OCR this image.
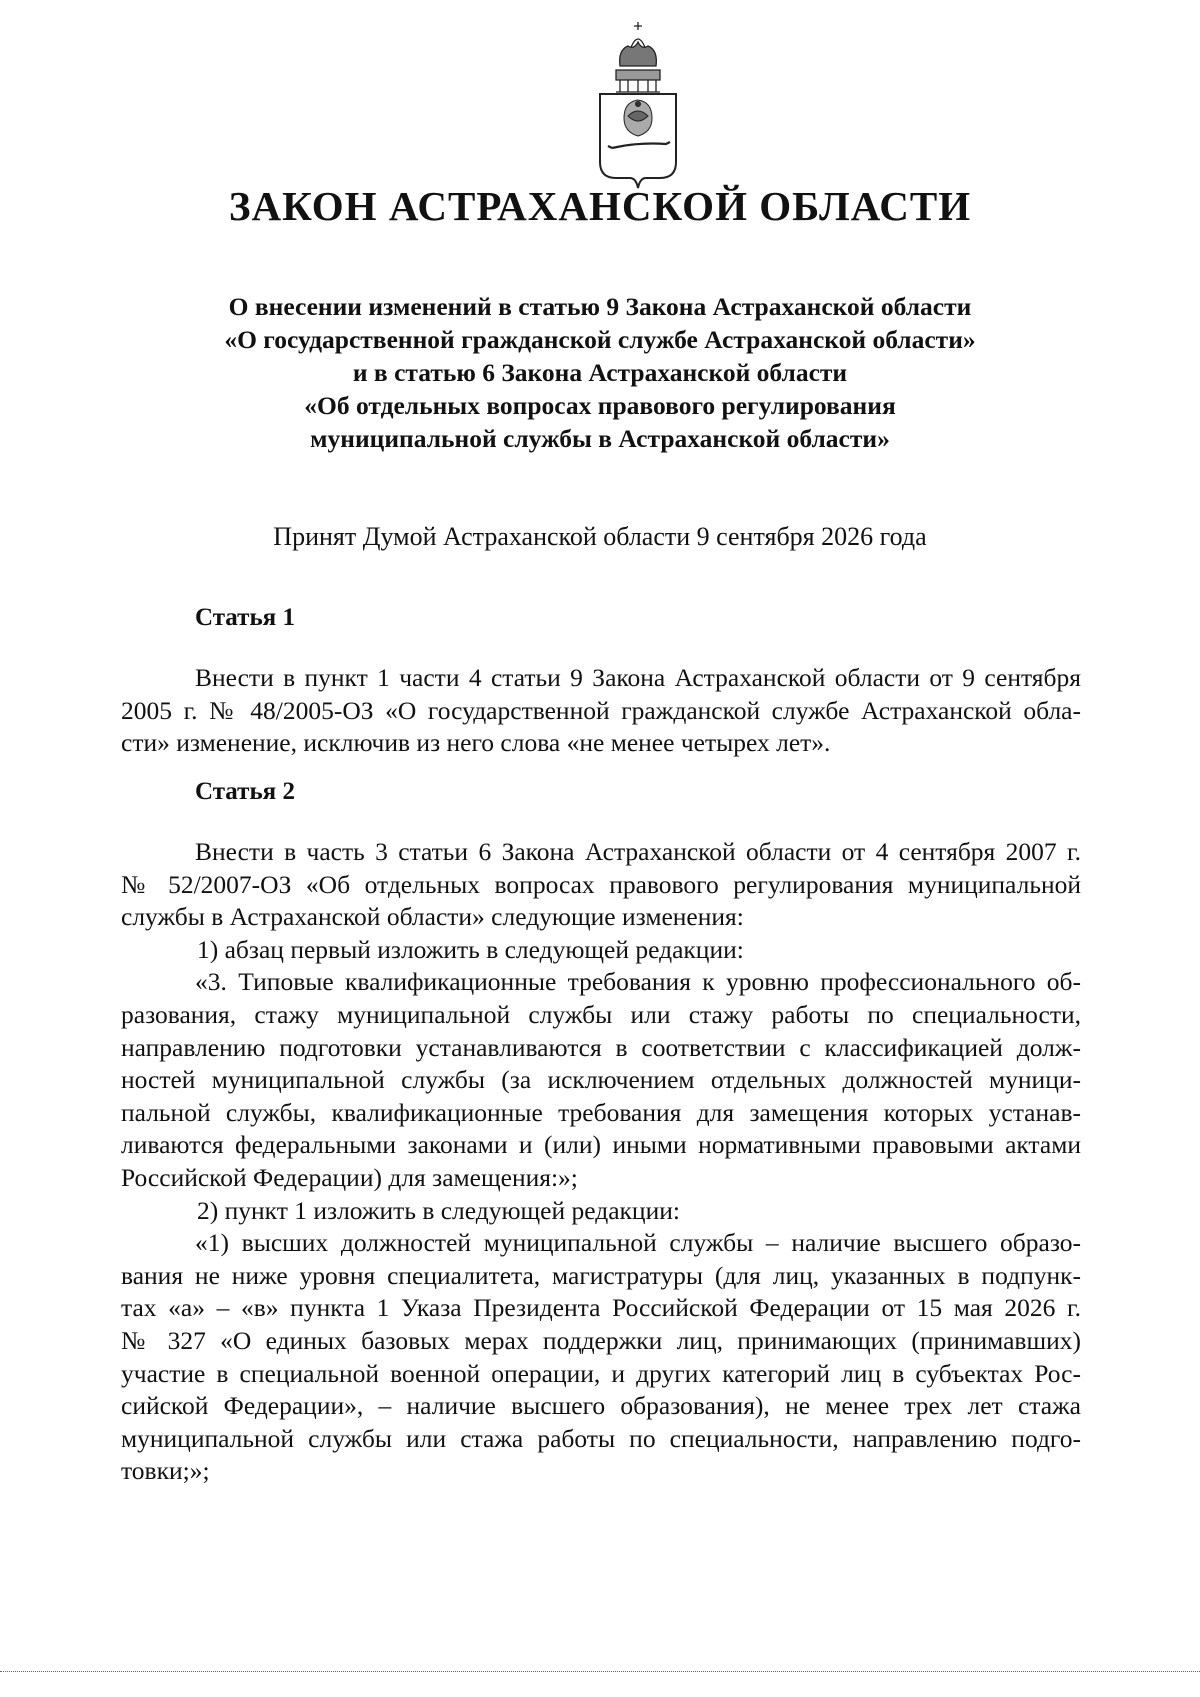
ЗАКОН АСТРАХАНСКОЙ ОБЛАСТИ
О внесении изменений в статью 9 Закона Астраханской области
«О государственной гражданской службе Астраханской области»
и в статью 6 Закона Астраханской области
«Об отдельных вопросах правового регулирования
муниципальной службы в Астраханской области»

Принят Думой Астраханской области 9 сентября 2026 года

Статья 1
Внести в пункт 1 части 4 статьи 9 Закона Астраханской области от 9 сентября
2005 г. № 48/2005-ОЗ «О государственной гражданской службе Астраханской обла-
сти» изменение, исключив из него слова «не менее четырех лет».
Статья 2
Внести в часть 3 статьи 6 Закона Астраханской области от 4 сентября 2007 г.
№ 52/2007-ОЗ «Об отдельных вопросах правового регулирования муниципальной
службы в Астраханской области» следующие изменения:
1) абзац первый изложить в следующей редакции:
«3. Типовые квалификационные требования к уровню профессионального об-
разования, стажу муниципальной службы или стажу работы по специальности,
направлению подготовки устанавливаются в соответствии с классификацией долж-
ностей муниципальной службы (за исключением отдельных должностей муници-
пальной службы, квалификационные требования для замещения которых устанав-
ливаются федеральными законами и (или) иными нормативными правовыми актами
Российской Федерации) для замещения:»;
2) пункт 1 изложить в следующей редакции:
«1) высших должностей муниципальной службы – наличие высшего образо-
вания не ниже уровня специалитета, магистратуры (для лиц, указанных в подпунк-
тах «а» – «в» пункта 1 Указа Президента Российской Федерации от 15 мая 2026 г.
№ 327 «О единых базовых мерах поддержки лиц, принимающих (принимавших)
участие в специальной военной операции, и других категорий лиц в субъектах Рос-
сийской Федерации», – наличие высшего образования), не менее трех лет стажа
муниципальной службы или стажа работы по специальности, направлению подго-
товки;»;
